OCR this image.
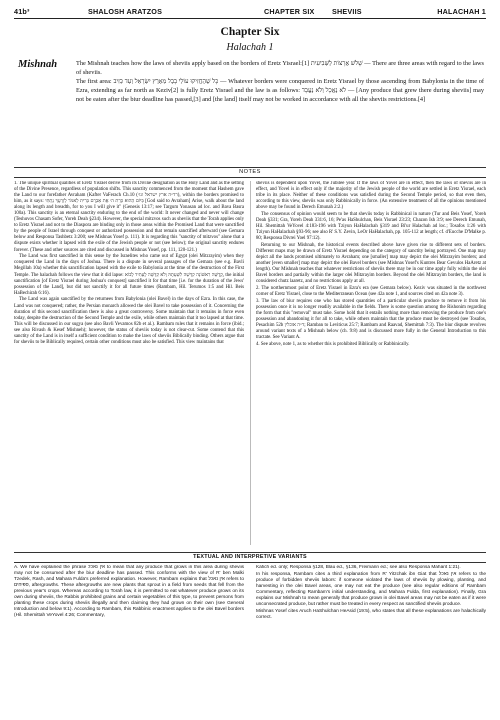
41b³	SHALOSH ARATZOS	CHAPTER SIX SHEVIIS	HALACHAH 1
Chapter Six
Halachah 1
Mishnah	The Mishnah teaches how the laws of sheviis apply based on the borders of Eretz Yisrael:[1] שָׁלֹשׁ אֲרָצוֹת לַשְּׁבִיעִית — There are three areas with regard to the laws of sheviis.

The first area: כָּל שֶׁהֶחֱזִיקוּ עוֹלֵי בָבֶל מֵאֶרֶץ יִשְׂרָאֵל וְעַד כְּזִיב — Whatever borders were conquered in Eretz Yisrael by those ascending from Babylonia in the time of Ezra, extending as far north as Keziv[2] is fully Eretz Yisrael and the law is as follows: לֹא נֶאֱכָל וְלֹא נֶעֱבָד — [Any produce that grew there during sheviis] may not be eaten after the biur deadline has passed,[3] and [the land] itself may not be worked in accordance with all the sheviis restrictions.[4]

NOTES

1. The unique spiritual qualities of Eretz Yisrael derive from its Divine designation as the Holy Land and as the setting of the Divine Presence, regardless of population shifts. This sanctity commenced from the moment that Hashem gave the Land to our forefather Avraham (Kafter VaFerach Ch.10 (רד״ה ארץ ישראל ונו׳), within the borders promised to him, as it says: בַּיּוֹם הַהוּא כָּרַת ה׳ אֶת אַבְרָם בְּרִית לֵאמֹר לְזַרְעֲךָ נָתַתִּי [God said to Avraham] Arise, walk about the land along its length and breadth, for to you I will give it" (Genesis 13:17; see Targum Yonasan ad loc. and Bava Basra 100a). This sanctity is an eternal sanctity enduring to the end of the world: It never changed and never will change (Teshuvos Chasam Sofer, Yoreh Deah §234). However, the special mitzvos such as sheviis that the Torah applies only to Eretz Yisrael and not to the Diaspora are binding only in those areas within the Promised Land that were sanctified by the people of Israel through conquest or authorized possession and that remain sanctified afterward (see Gemara below and Responsa Tashbetz 3:200; see Mishnas Yosef p. 111). It is regarding this "sanctity of mitzvos" alone that a dispute exists whether it lapsed with the exile of the Jewish people or not (see below); the original sanctity endures forever. (These and other sources are cited and discussed in Mishnas Yosef, pp. 111, 120-121.)

The Land was first sanctified in this sense by the Israelites who came out of Egypt (olei Mitzrayim) when they conquered the Land in the days of Joshua. There is a dispute in several passages of the Gemara (see e.g. Bavli Megillah 10a) whether this sanctification lapsed with the exile to Babylonia at the time of the destruction of the First Temple. The halachah follows the view that it did lapse: קְדֻשָּׁה רִאשׁוֹנָה קִדְּשָׁה לִשְׁעָתָהּ וְלֹא קִדְּשָׁה לֶעָתִיד לָבוֹא, the initial sanctification [of Eretz Yisrael during Joshua's conquest] sanctified it for that time [i.e. for the duration of the Jews' possession of the Land], but did not sanctify it for all future times (Rambam, Hil. Terumos 1:5 and Hil. Beis HaBechirah 6:16).

The Land was again sanctified by the returnees from Babylonia (olei Bavel) in the days of Ezra. In this case, the Land was not conquered; rather, the Persian monarch allowed the olei Bavel to take possession of it. Concerning the duration of this second sanctification there is also a great controversy. Some maintain that it remains in force even today, despite the destruction of the Second Temple and the exile, while others maintain that it too lapsed at that time. This will be discussed in our sugya (see also Bavli Yevamos 82b et al.). Rambam rules that it remains in force (ibid.; see also Rivash & Kesef Mishneh); however, the status of sheviis today is not clear-cut. Some contend that this sanctity of the Land is in itself a sufficient condition to make the laws of sheviis Biblically binding. Others argue that for sheviis to be Biblically required, certain other conditions must also be satisfied. This view maintains that

sheviis is dependent upon Yovel, the Jubilee year. If the laws of Yovel are in effect, then the laws of sheviis are in effect, and Yovel is in effect only if the majority of the Jewish people of the world are settled in Eretz Yisrael, each tribe in its place. Neither of these conditions was satisfied during the Second Temple period, so that even then, according to this view, sheviis was only Rabbinically in force. (An extensive treatment of all the opinions mentioned above may be found in Derech Emunah 2:2.)

The consensus of opinion would seem to be that sheviis today is Rabbinical in nature (Tur and Beis Yosef, Yoreh Deah §331; Gra, Yoreh Deah 331:6, 16; Pe'as HaShulchan, Beis Yisrael 23:23; Chazon Ish 3:9; see Derech Emunah, Hil. Shemittah VeYovel 4:183-196 with Tziyun HaHalachah §319 and Bi'ur Halachah ad loc.; Tosafos 1:26 with Tziyun HaHalachah §93-96; see also R' S.Y. Zevin, LeOr HaHalachah, pp. 105-112 at length; cf. d'Eucche D'Malke p. 80; Responsa Divrei Yoel 97:12).

Returning to our Mishnah, the historical events described above have given rise to different sets of borders. Different maps may be drawn of Eretz Yisrael depending on the category of sanctity being portrayed. One map may depict all the lands promised ultimately to Avraham; one [smaller] map may depict the olei Mitzrayim borders; and another [even smaller] map may depict the olei Bavel borders (see Mishnas Yosef's Kuntres Bear Gevulos HaAretz at length). Our Mishnah teaches that whatever restrictions of sheviis there may be in our time apply fully within the olei Bavel borders and partially within the larger olei Mitzrayim borders. Beyond the olei Mitzrayim borders, the land is considered chutz laaretz, and no restrictions apply at all.

2. The northernmost point of Eretz Yisrael in Ezra's era (see Gemara below). Keziv was situated in the northwest corner of Eretz Yisrael, close to the Mediterranean Ocean (see 42a note 1, and sources cited on 42a note 3).

3. The law of biur requires one who has stored quantities of a particular sheviis produce to remove it from his possession once it is no longer readily available in the fields. There is some question among the Rishonim regarding the form that this "removal" must take. Some hold that it entails nothing more than removing the produce from one's possession and abandoning it for all to take, while others maintain that the produce must be destroyed (see Tosafos, Pesachim 52b ד״ה אוכלין; Ramban to Leviticus 25:7; Rambam and Raavad, Shemittah 7:3). The biur dispute revolves around variant texts of a Mishnah below (ch. 9:8) and is discussed more fully in the General Introduction to this tractate. See Variant A.

4. See above, note 1, as to whether this is prohibited Biblically or Rabbinically.

TEXTUAL AND INTERPRETIVE VARIANTS

A. We have explained the phrase אין נאכל to mean that any produce that grows in this area during sheviis may not be consumed after the biur deadline has passed. This conforms with the view of R' ben Malki Tzedek, Rash, and Mahara Fulda's preferred explanation. However, Rambam explains that אין נאכל refers to ספיחים, aftergrowths. These aftergrowths are new plants that sprout in a field from seeds that fell from the previous year's crops. Whereas according to Torah law, it is permitted to eat whatever produce grows on its own during sheviis, the Rabbis prohibited grains and certain vegetables of this type, to prevent persons from planting these crops during sheviis illegally and then claiming they had grown on their own (see General Introduction and below 9:1). According to Rambam, this Rabbinic enactment applies to the olei Bavel borders (Hil. Shemittah VeYovel 4:26; Commentary,

Kafich ed. only; Responsa §128, Blau ed., §136, Freimann ed.; see also Responsa Maharit 1:21).

In his responsa, Rambam cites a third explanation from R' Yitzchak ibn Giat that אין נאכל refers to the produce of forbidden sheviis labors: if someone violated the laws of sheviis by plowing, planting, and harvesting in the olei Bavel areas, one may not eat the produce (see also regular editions of Rambam Commentary, reflecting Rambam's initial understanding, and Mahara Fulda, first explanation). Finally, Gra explains our Mishnah to mean generally that produce grown in olei Bavel areas may not be eaten as if it were unconsecrated produce, but rather must be treated in every respect as sanctified sheviis produce.

Mishnas Yosef cites Aruch HaShulchan HeAsid (19:5), who states that all these explanations are halachically correct.
